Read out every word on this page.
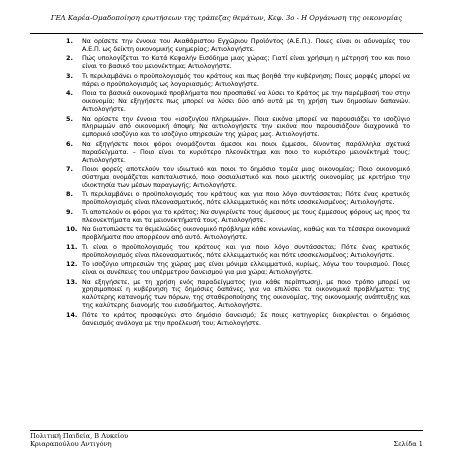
ΓΕΛ Καρέα-Ομαδοποίηση ερωτήσεων της τράπεζας θεμάτων, Κεφ. 3ο - Η Οργάνωση της οικονομίας
1. Να ορίσετε την έννοια του Ακαθάριστου Εγχώριου Προϊόντος (Α.Ε.Π.). Ποιες είναι οι αδυναμίες του Α.Ε.Π. ως δείκτη οικονομικής ευημερίας; Αιτιολογήστε.
2. Πώς υπολογίζεται το Κατά Κεφαλήν Εισόδημα μιας χώρας; Γιατί είναι χρήσιμη η μέτρησή του και ποιο είναι το βασικό του μειονέκτημα; Αιτιολογήστε.
3. Τι περιλαμβάνει ο προϋπολογισμός του κράτους και πως βοηθά την κυβέρνηση; Ποιες μορφές μπορεί να πάρει ο προϋπολογισμός ως λογαριασμός; Αιτιολογήστε.
4. Ποια τα βασικά οικονομικά προβλήματα που προσπαθεί να λύσει το Κράτος με την παρέμβασή του στην οικονομία; Να εξηγήσετε πως μπορεί να λύσει δύο από αυτά με τη χρήση των δημοσίων δαπανών. Αιτιολογήστε.
5. Να ορίσετε την έννοια του «ισοζυγίου πληρωμών». Ποια εικόνα μπορεί να παρουσιάζει το ισοζύγιο πληρωμών από οικονομική άποψη; Να αιτιολογήσετε την εικόνα που παρουσιάζουν διαχρονικά το εμπορικό ισοζύγιο και το ισοζύγιο υπηρεσιών της χώρας μας. Αιτιολογήστε.
6. Να εξηγήσετε ποιοι φόροι ονομάζονται άμεσοι και ποιοι έμμεσοι, δίνοντας παράλληλα σχετικά παραδείγματα. – Ποιο είναι το κυριότερο πλεονέκτημα και ποιο το κυριότερο μειονέκτημά τους; Αιτιολογήστε.
7. Ποιοι φορείς αποτελούν τον ιδιωτικό και ποιοι το δημόσιο τομέα μιας οικονομίας; Ποιο οικονομικό σύστημα ονομάζεται καπιταλιστικό, ποιο σοσιαλιστικό και ποιο μεικτής οικονομίας με κριτήριο την ιδιοκτησία των μέσων παραγωγής; Αιτιολογήστε.
8. Τι περιλαμβάνει ο προϋπολογισμός του κράτους και για ποιο λόγο συντάσσεται; Πότε ένας κρατικός προϋπολογισμός είναι πλεονασματικός, πότε ελλειμματικός και πότε ισοσκελισμένος; Αιτιολογήστε.
9. Τι αποτελούν οι φόροι για το κράτος; Να συγκρίνετε τους άμεσους με τους έμμεσους φόρους ως προς τα πλεονεκτήματα και τα μειονεκτήματά τους. Αιτιολογήστε.
10. Να διατυπώσετε τα θεμελιώδες οικονομικό πρόβλημα κάθε κοινωνίας, καθώς και τα τέσσερα οικονομικά προβλήματα που απορρέουν από αυτό. Αιτιολογήστε.
11. Τι είναι ο προϋπολογισμός του κράτους και για ποιο λόγο συντάσσεται; Πότε ένας κρατικός προϋπολογισμός είναι πλεονασματικός, πότε ελλειμματικός και πότε ισοσκελισμένος; Αιτιολογήστε.
12. Το ισοζύγιο υπηρεσιών της χώρας μας είναι μόνιμα ελλειμματικό, κυρίως, λόγω του τουρισμού. Ποιες είναι οι συνέπειες του υπέρμετρου δανεισμού για μια χώρα; Αιτιολογήστε.
13. Να εξηγήσετε, με τη χρήση ενός παραδείγματος (για κάθε περίπτωση), με ποιο τρόπο μπορεί να χρησιμοποιεί η κυβέρνηση τις δημόσιες δαπάνες, για να επιλύσει τα οικονομικά προβλήματα: της καλύτερης κατανομής των πόρων, της σταθεροποίησης της οικονομίας, της οικονομικής ανάπτυξης και της καλύτερης διανομής του εισοδήματος. Αιτιολογήστε.
14. Πότε το κράτος προσφεύγει στο δημόσιο δανεισμό; Σε ποιες κατηγορίες διακρίνεται ο δημόσιος δανεισμός ανάλογα με την προέλευσή του; Αιτιολογήστε.
Πολιτική Παιδεία, Β Λυκείου
Κριαραπούλου Αντιγόνη	Σελίδα 1
